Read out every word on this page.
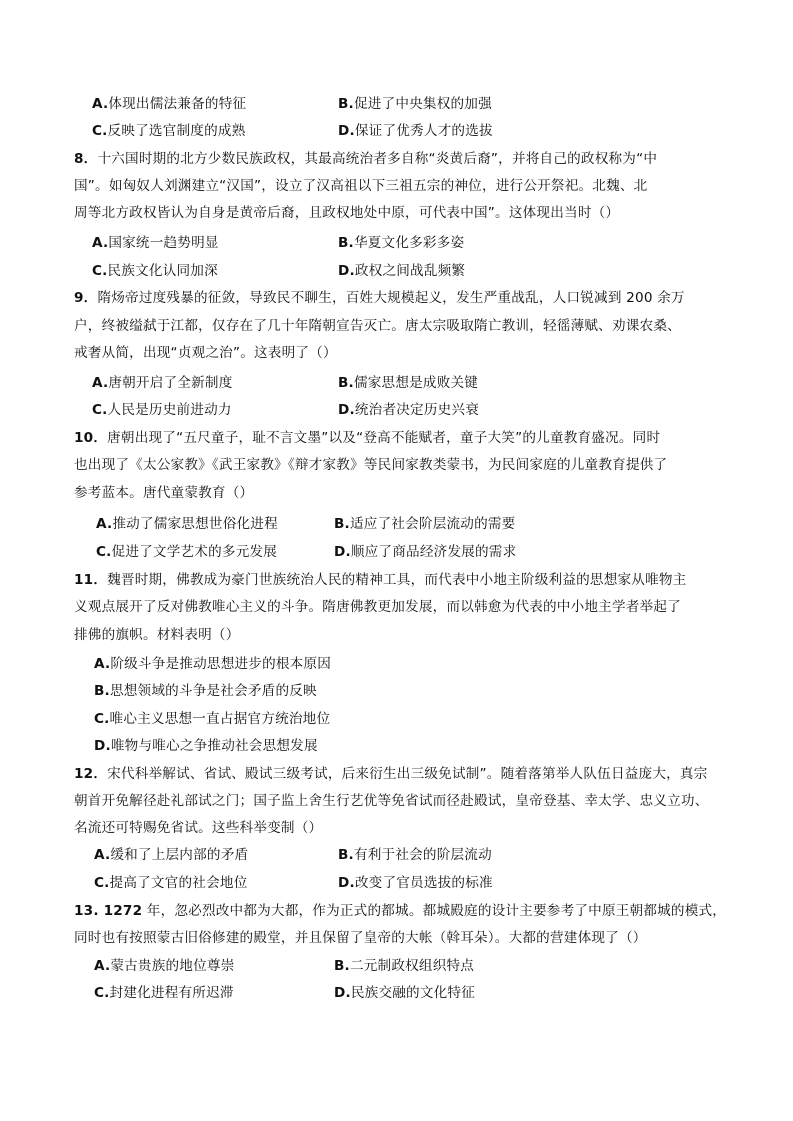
A.体现出儒法兼备的特征	B.促进了中央集权的加强
C.反映了选官制度的成熟	D.保证了优秀人才的选拔
8．十六国时期的北方少数民族政权，其最高统治者多自称“炎黄后裔”，并将自己的政权称为“中
国”。如匈奴人刘渊建立“汉国”，设立了汉高祖以下三祖五宗的神位，进行公开祭祀。北魏、北
周等北方政权皆认为自身是黄帝后裔，且政权地处中原，可代表中国”。这体现出当时（）
A.国家统一趋势明显	B.华夏文化多彩多姿
C.民族文化认同加深	D.政权之间战乱频繁
9．隋炀帝过度残暴的征敛，导致民不聊生，百姓大规模起义，发生严重战乱，人口锐减到 200 余万
户，终被缢弑于江都，仅存在了几十年隋朝宣告灭亡。唐太宗吸取隋亡教训，轻徭薄赋、劝课农桑、
戒奢从简，出现“贞观之治”。这表明了（）
A.唐朝开启了全新制度	B.儒家思想是成败关键
C.人民是历史前进动力	D.统治者决定历史兴衰
10．唐朝出现了“五尺童子，耻不言文墨”以及“登高不能赋者，童子大笑”的儿童教育盛况。同时
也出现了《太公家教》《武王家教》《辩才家教》等民间家教类蒙书，为民间家庭的儿童教育提供了
参考蓝本。唐代童蒙教育（）
A.推动了儒家思想世俗化进程	B.适应了社会阶层流动的需要
C.促进了文学艺术的多元发展	D.顺应了商品经济发展的需求
11．魏晋时期，佛教成为豪门世族统治人民的精神工具，而代表中小地主阶级利益的思想家从唯物主
义观点展开了反对佛教唯心主义的斗争。隋唐佛教更加发展，而以韩愈为代表的中小地主学者举起了
排佛的旗帜。材料表明（）
A.阶级斗争是推动思想进步的根本原因
B.思想领域的斗争是社会矛盾的反映
C.唯心主义思想一直占据官方统治地位
D.唯物与唯心之争推动社会思想发展
12．宋代科举解试、省试、殿试三级考试，后来衍生出三级免试制”。随着落第举人队伍日益庞大，真宗
朝首开免解径赴礼部试之门；国子监上舍生行艺优等免省试而径赴殿试，皇帝登基、幸太学、忠义立功、
名流还可特赐免省试。这些科举变制（）
A.缓和了上层内部的矛盾	B.有利于社会的阶层流动
C.提高了文官的社会地位	D.改变了官员选拔的标准
13. 1272 年，忽必烈改中都为大都，作为正式的都城。都城殿庭的设计主要参考了中原王朝都城的模式，
同时也有按照蒙古旧俗修建的殿堂，并且保留了皇帝的大帐（斡耳朵）。大都的营建体现了（）
A.蒙古贵族的地位尊崇	B.二元制政权组织特点
C.封建化进程有所迟滞	D.民族交融的文化特征
